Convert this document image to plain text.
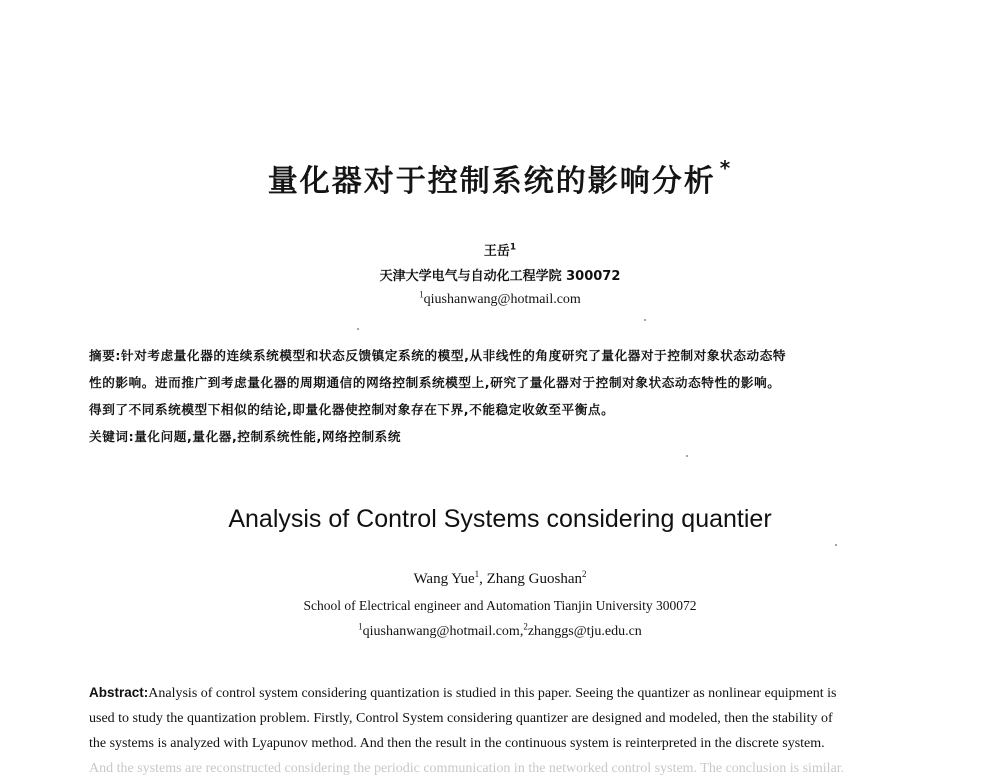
量化器对于控制系统的影响分析 *
王岳$^1$
天津大学电气与自动化工程学院 300072
$^1$qiushanwang@hotmail.com

摘要:针对考虑量化器的连续系统模型和状态反馈镇定系统的模型,从非线性的角度研究了量化器对于控制对象状态动态特

性的影响。进而推广到考虑量化器的周期通信的网络控制系统模型上,研究了量化器对于控制对象状态动态特性的影响。

得到了不同系统模型下相似的结论,即量化器使控制对象存在下界,不能稳定收敛至平衡点。

关键词:量化问题,量化器,控制系统性能,网络控制系统

Analysis of Control Systems considering quantier
Wang Yue$^1$, Zhang Guoshan$^2$
School of Electrical engineer and Automation Tianjin University 300072
$^1$qiushanwang@hotmail.com,$^2$zhanggs@tju.edu.cn

Abstract:Analysis of control system considering quantization is studied in this paper. Seeing the quantizer as nonlinear equipment is

used to study the quantization problem. Firstly, Control System considering quantizer are designed and modeled, then the stability of

the systems is analyzed with Lyapunov method. And then the result in the continuous system is reinterpreted in the discrete system.

And the systems are reconstructed considering the periodic communication in the networked control system. The conclusion is similar.
